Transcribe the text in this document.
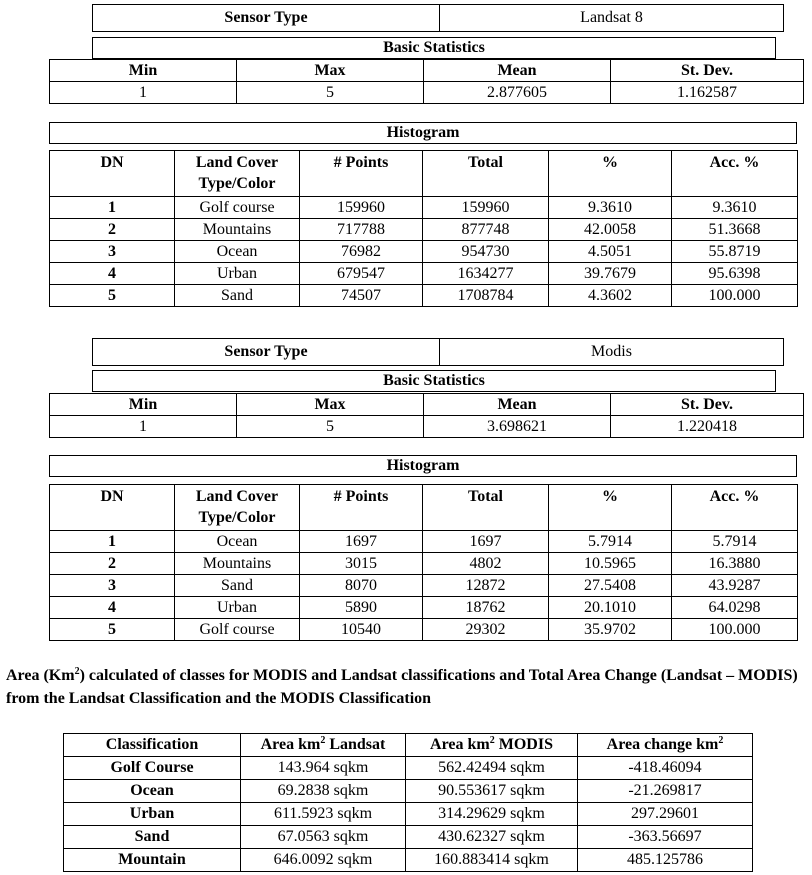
Sensor Type	Landsat 8
Basic Statistics
Min	Max	Mean	St. Dev.
1	5	2.877605	1.162587
Histogram
DN	Land Cover Type/Color	# Points	Total	%	Acc. %
1	Golf course	159960	159960	9.3610	9.3610
2	Mountains	717788	877748	42.0058	51.3668
3	Ocean	76982	954730	4.5051	55.8719
4	Urban	679547	1634277	39.7679	95.6398
5	Sand	74507	1708784	4.3602	100.000
Sensor Type	Modis
Basic Statistics
Min	Max	Mean	St. Dev.
1	5	3.698621	1.220418
Histogram
DN	Land Cover Type/Color	# Points	Total	%	Acc. %
1	Ocean	1697	1697	5.7914	5.7914
2	Mountains	3015	4802	10.5965	16.3880
3	Sand	8070	12872	27.5408	43.9287
4	Urban	5890	18762	20.1010	64.0298
5	Golf course	10540	29302	35.9702	100.000
Area (Km$^2$) calculated of classes for MODIS and Landsat classifications and Total Area Change (Landsat – MODIS) from the Landsat Classification and the MODIS Classification
Classification	Area $km^2$ Landsat	Area $km^2$ MODIS	Area change $km^2$
Golf Course	143.964 sqkm	562.42494 sqkm	-418.46094
Ocean	69.2838 sqkm	90.553617 sqkm	-21.269817
Urban	611.5923 sqkm	314.29629 sqkm	297.29601
Sand	67.0563 sqkm	430.62327 sqkm	-363.56697
Mountain	646.0092 sqkm	160.883414 sqkm	485.125786
